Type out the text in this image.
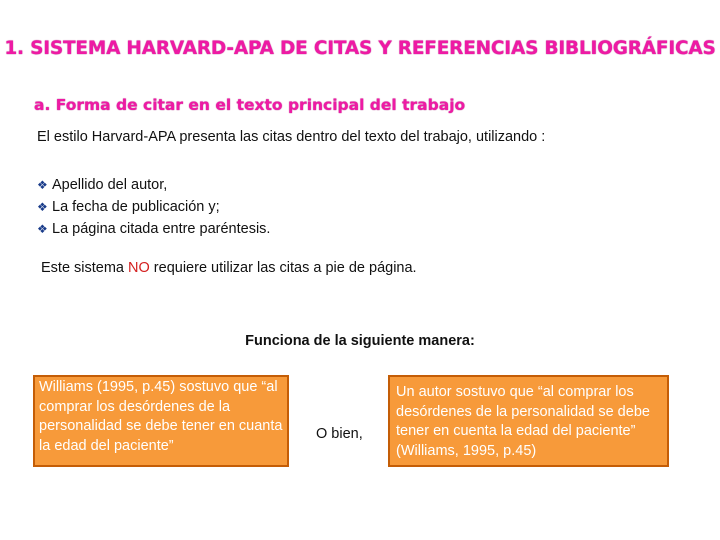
1. SISTEMA HARVARD-APA DE CITAS Y REFERENCIAS BIBLIOGRÁFICAS
a. Forma de citar en el texto principal del trabajo
El estilo Harvard-APA presenta las citas dentro del texto del trabajo, utilizando :
❖ Apellido del autor,
❖ La fecha de publicación y;
❖ La página citada entre paréntesis.
Este sistema NO requiere utilizar las citas a pie de página.
Funciona de la siguiente manera:
Williams (1995, p.45) sostuvo que “al comprar los desórdenes de la personalidad se debe tener en cuanta la edad del paciente”
O bien,
Un autor sostuvo que “al comprar los desórdenes de la personalidad se debe tener en cuenta la edad del paciente” (Williams, 1995, p.45)
